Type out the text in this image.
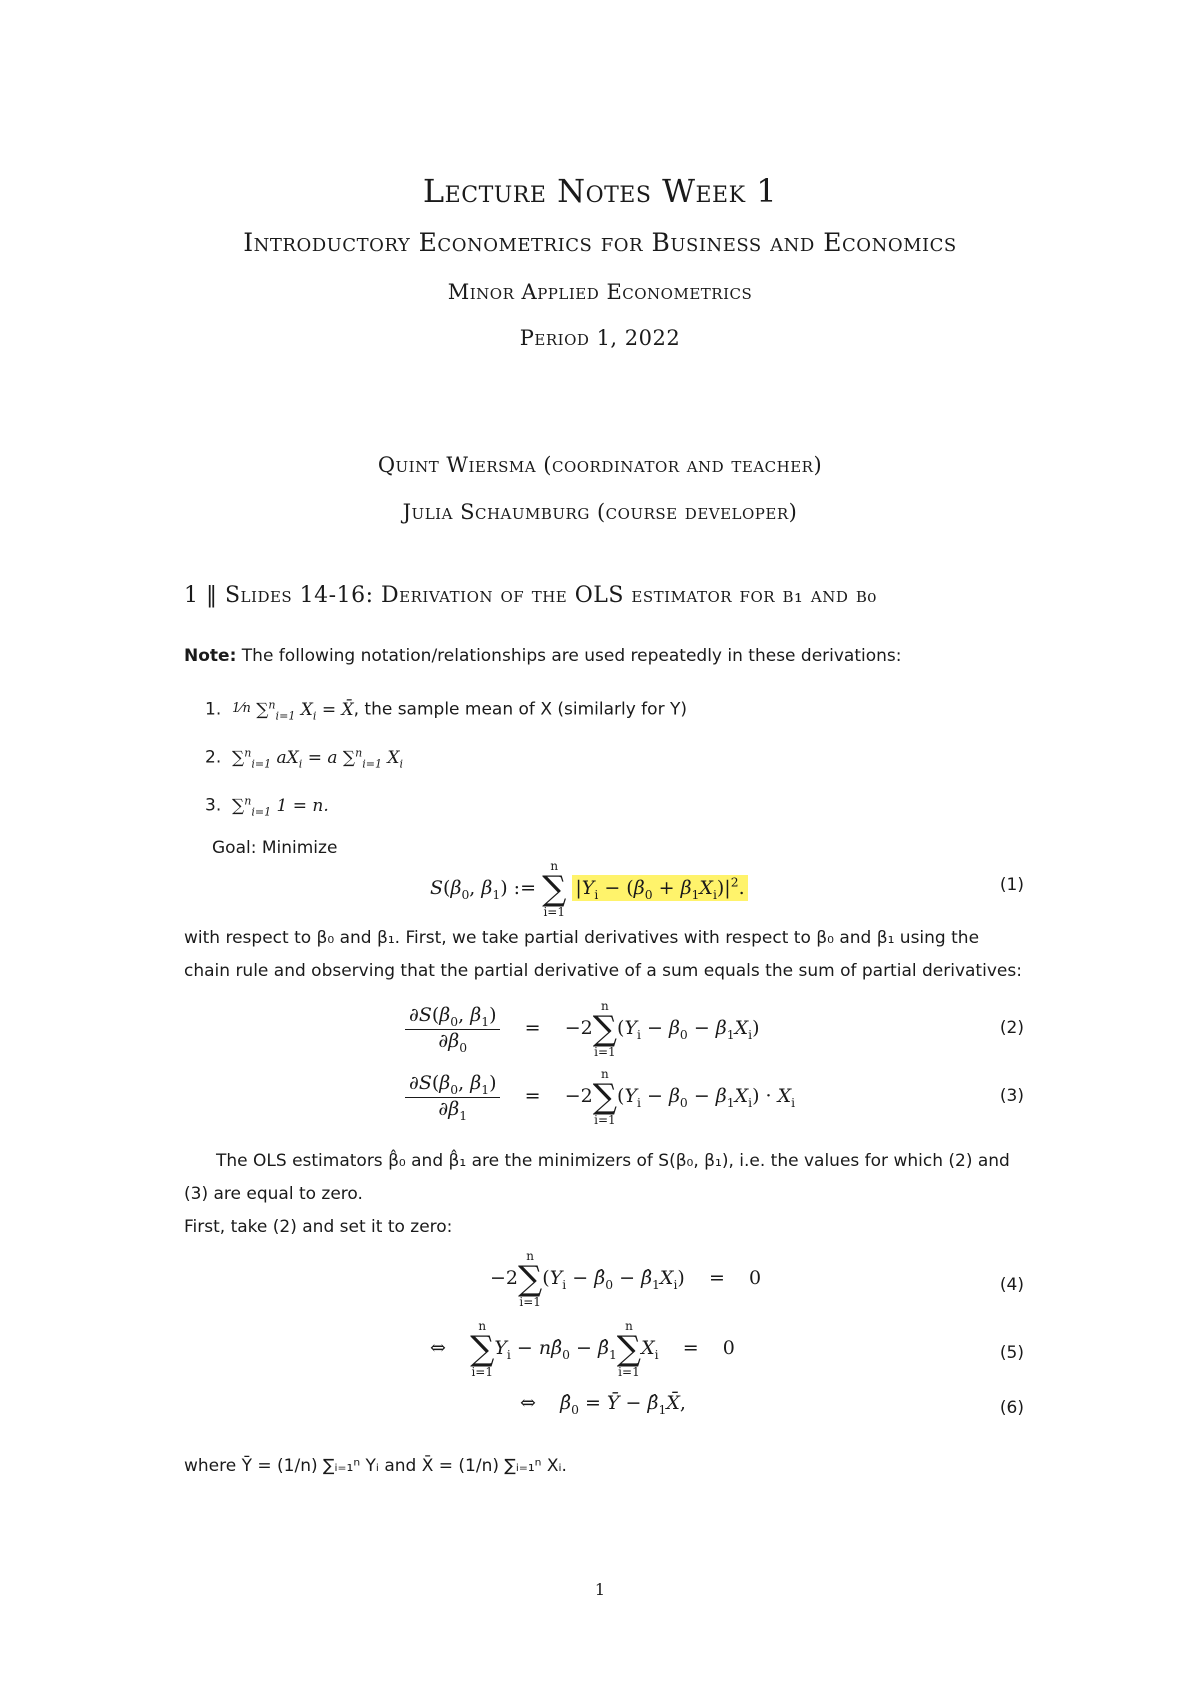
Lecture Notes Week 1
Introductory Econometrics for Business and Economics
Minor Applied Econometrics
Period 1, 2022
Quint Wiersma (coordinator and teacher)
Julia Schaumburg (course developer)
1 ‖ Slides 14-16: Derivation of the OLS estimator for β₁ and β₀
Note: The following notation/relationships are used repeatedly in these derivations:
1. 1⁄n ∑$^n_{i=1}$ $X_i$ = X̄, the sample mean of X (similarly for Y)
2.  ∑$^n_{i=1}$ $aX_i = a$ ∑$^n_{i=1}$ $X_i$
3.  ∑$^n_{i=1}$ 1 = n.
Goal: Minimize
$S(\beta_0$, $\beta_1$) :=
n
∑
i=1
$|Y_i - (\beta_0 + \beta_1X_i)|^2$.	(1)
with respect to β₀ and β₁. First, we take partial derivatives with respect to β₀ and β₁ using the chain rule and observing that the partial derivative of a sum equals the sum of partial derivatives:
$\frac{\partial S(\beta_0, \beta_1)}{\partial\beta_0}$ =    −2
n
∑
i=1
$(Y_i - \beta_0 - \beta_1X_i)$	(2)
$\frac{\partial S(\beta_0, \beta_1)}{\partial\beta_1}$ =    −2
n
∑
i=1
$(Y_i - \beta_0 - \beta_1X_i) \cdot X_i$	(3)
The OLS estimators β̂₀ and β̂₁ are the minimizers of S(β₀, β₁), i.e. the values for which (2) and (3) are equal to zero.
First, take (2) and set it to zero:
−2
n
∑
i=1
($Y_i$ − $\betâ_0$ − $\betâ_1X_i$)    =    0	(4)
⇔
n
∑
i=1
$Y_i$ − $n\betâ_0$ − $\betâ_1$
n
∑
i=1
$X_i$    =    0	(5)
⇔    $\betâ_0$ = Ȳ − $\betâ_1X̄$,	(6)
where Ȳ = (1/n) ∑ᵢ₌₁ⁿ Yᵢ and X̄ = (1/n) ∑ᵢ₌₁ⁿ Xᵢ.
1
